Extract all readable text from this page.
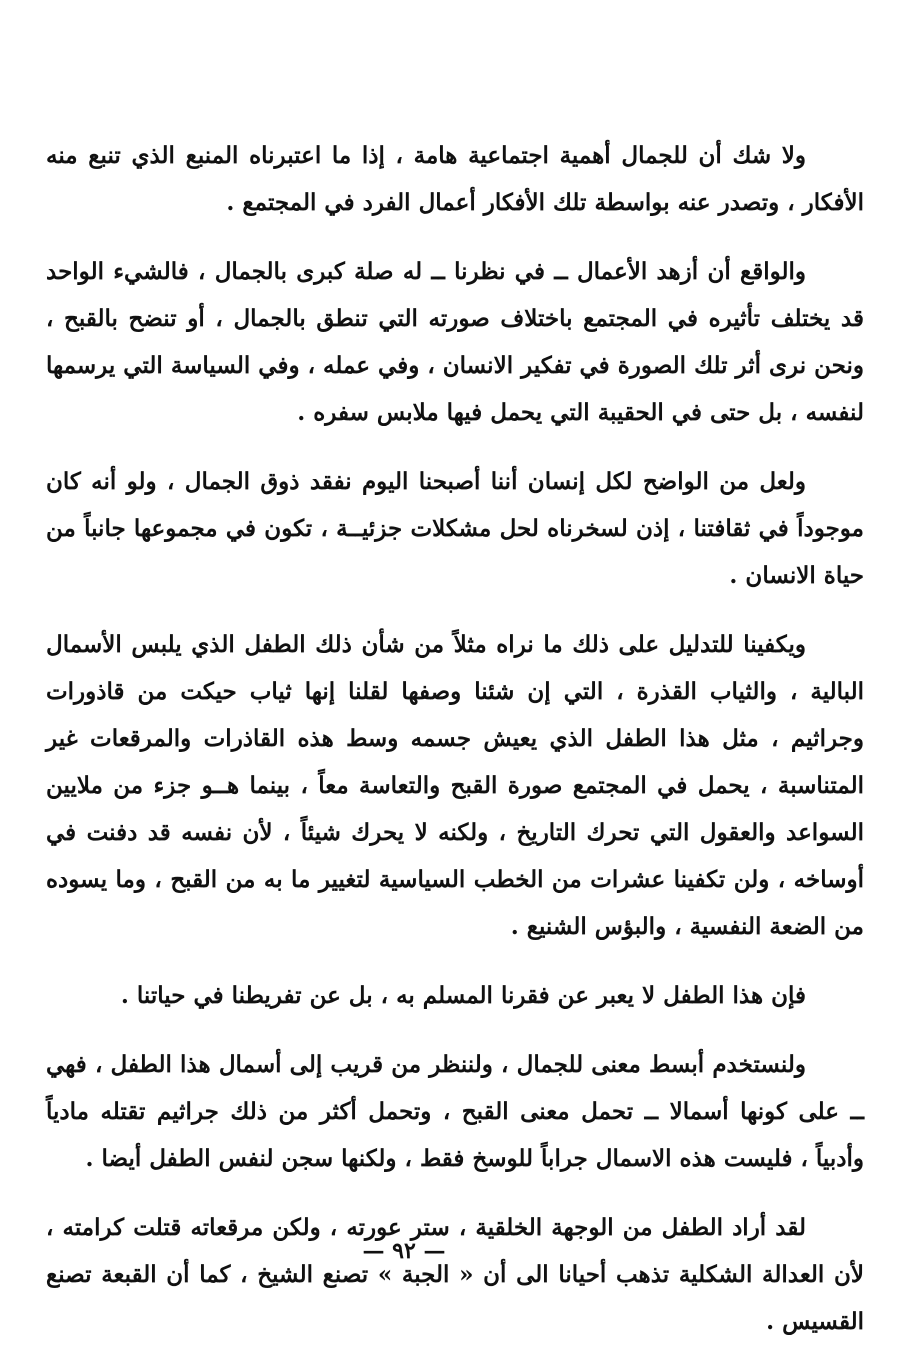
ولا شك أن للجمال أهمية اجتماعية هامة ، إذا ما اعتبرناه المنبع الذي تنبع منه الأفكار ، وتصدر عنه بواسطة تلك الأفكار أعمال الفرد في المجتمع .

والواقع أن أزهد الأعمال ــ في نظرنا ــ له صلة كبرى بالجمال ، فالشيء الواحد قد يختلف تأثيره في المجتمع باختلاف صورته التي تنطق بالجمال ، أو تنضح بالقبح ، ونحن نرى أثر تلك الصورة في تفكير الانسان ، وفي عمله ، وفي السياسة التي يرسمها لنفسه ، بل حتى في الحقيبة التي يحمل فيها ملابس سفره .

ولعل من الواضح لكل إنسان أننا أصبحنا اليوم نفقد ذوق الجمال ، ولو أنه كان موجوداً في ثقافتنا ، إذن لسخرناه لحل مشكلات جزئيــة ، تكون في مجموعها جانباً من حياة الانسان .

ويكفينا للتدليل على ذلك ما نراه مثلاً من شأن ذلك الطفل الذي يلبس الأسمال البالية ، والثياب القذرة ، التي إن شئنا وصفها لقلنا إنها ثياب حيكت من قاذورات وجراثيم ، مثل هذا الطفل الذي يعيش جسمه وسط هذه القاذرات والمرقعات غير المتناسبة ، يحمل في المجتمع صورة القبح والتعاسة معاً ، بينما هــو جزء من ملايين السواعد والعقول التي تحرك التاريخ ، ولكنه لا يحرك شيئاً ، لأن نفسه قد دفنت في أوساخه ، ولن تكفينا عشرات من الخطب السياسية لتغيير ما به من القبح ، وما يسوده من الضعة النفسية ، والبؤس الشنيع .

فإن هذا الطفل لا يعبر عن فقرنا المسلم به ، بل عن تفريطنا في حياتنا .

ولنستخدم أبسط معنى للجمال ، ولننظر من قريب إلى أسمال هذا الطفل ، فهي ــ على كونها أسمالا ــ تحمل معنى القبح ، وتحمل أكثر من ذلك جراثيم تقتله مادياً وأدبياً ، فليست هذه الاسمال جراباً للوسخ فقط ، ولكنها سجن لنفس الطفل أيضا .

لقد أراد الطفل من الوجهة الخلقية ، ستر عورته ، ولكن مرقعاته قتلت كرامته ، لأن العدالة الشكلية تذهب أحيانا الى أن « الجبة » تصنع الشيخ ، كما أن القبعة تصنع القسيس .

— ٩٢ —
